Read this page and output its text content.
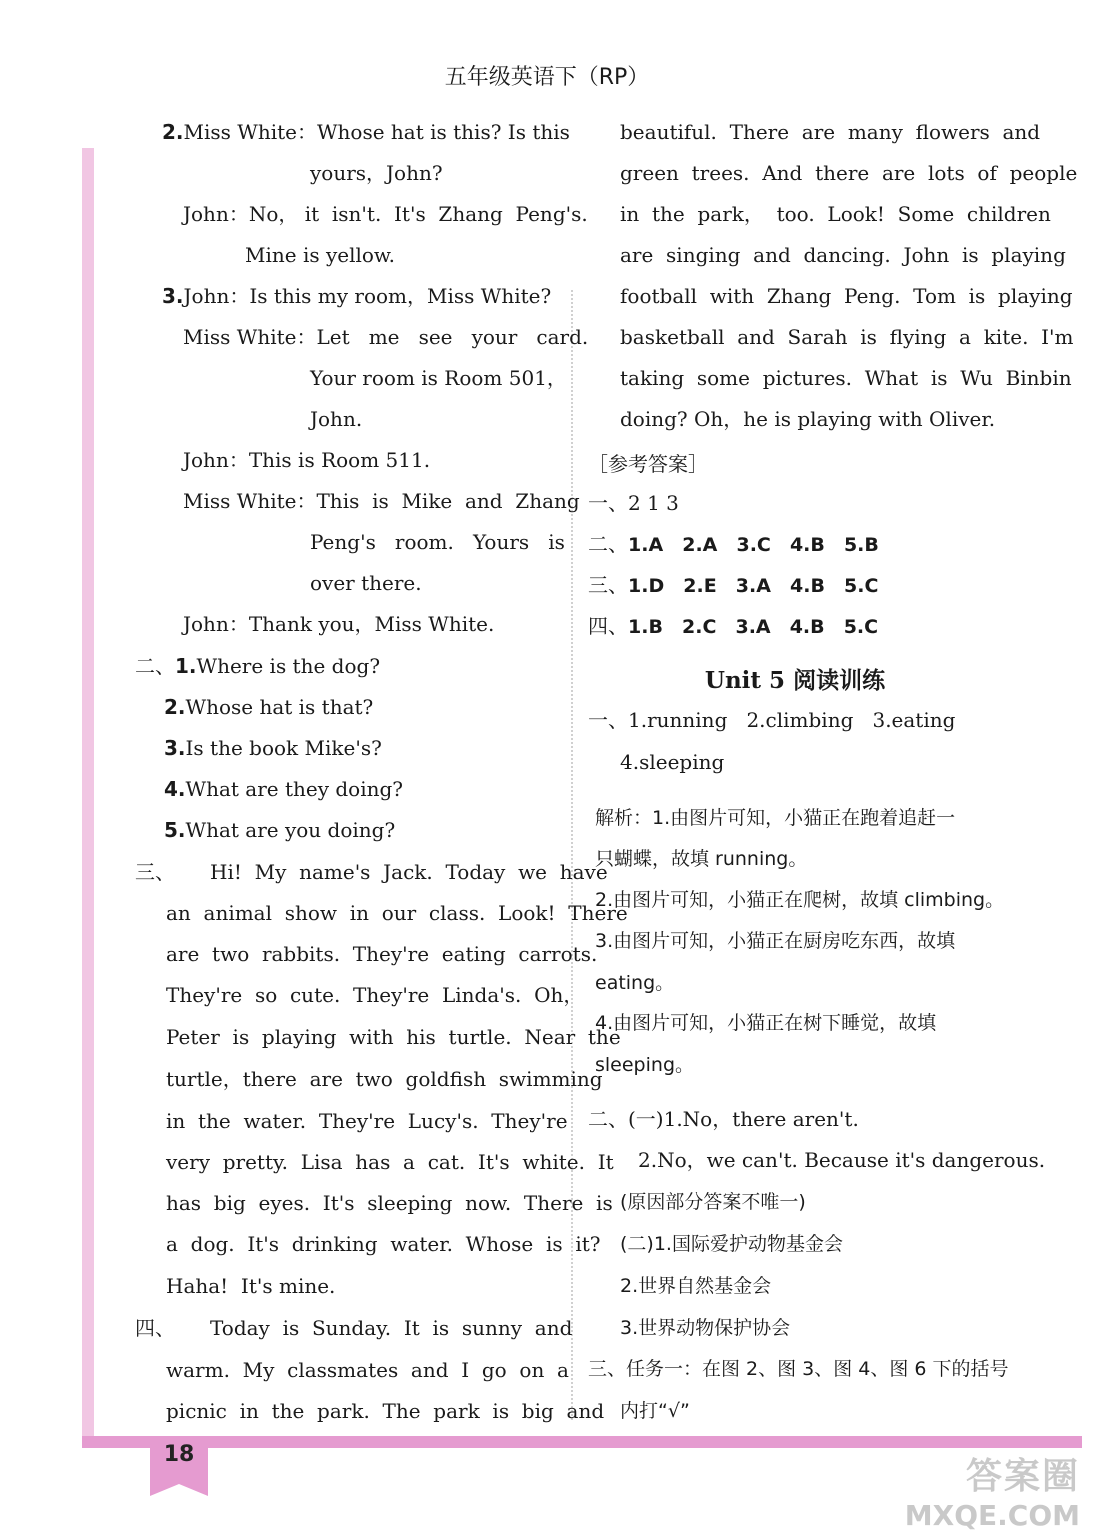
五年级英语下（RP）
2.Miss White：Whose hat is this? Is this
yours，John?
John：No， it  isn't.  It's  Zhang  Peng's.
Mine is yellow.
3.John：Is this my room，Miss White?
Miss White：Let   me   see   your   card.
Your room is Room 501，
John.
John：This is Room 511.
Miss White：This  is  Mike  and  Zhang
Peng's   room.   Yours   is
over there.
John：Thank you，Miss White.
二、1.Where is the dog?
2.Whose hat is that?
3.Is the book Mike's?
4.What are they doing?
5.What are you doing?
三、 Hi!  My  name's  Jack.  Today  we  have
an  animal  show  in  our  class.  Look!  There
are  two  rabbits.  They're  eating  carrots.
They're  so  cute.  They're  Linda's.  Oh，
Peter  is  playing  with  his  turtle.  Near  the
turtle，there  are  two  goldfish  swimming
in  the  water.  They're  Lucy's.  They're
very  pretty.  Lisa  has  a  cat.  It's  white.  It
has  big  eyes.  It's  sleeping  now.  There  is
a  dog.  It's  drinking  water.  Whose  is  it?
Haha!  It's mine.
四、 Today  is  Sunday.  It  is  sunny  and
warm.  My  classmates  and  I  go  on  a
picnic  in  the  park.  The  park  is  big  and
beautiful.  There  are  many  flowers  and
green  trees.  And  there  are  lots  of  people
in  the  park，  too.  Look!  Some  children
are  singing  and  dancing.  John  is  playing
football  with  Zhang  Peng.  Tom  is  playing
basketball  and  Sarah  is  flying  a  kite.  I'm
taking  some  pictures.  What  is  Wu  Binbin
doing? Oh，he is playing with Oliver.
［参考答案］
一、2 1 3
二、1.A 2.A 3.C 4.B 5.B
三、1.D 2.E 3.A 4.B 5.C
四、1.B 2.C 3.A 4.B 5.C
Unit 5 阅读训练
一、1.running 2.climbing 3.eating
4.sleeping
解析：1.由图片可知，小猫正在跑着追赶一
只蝴蝶，故填 running。
2.由图片可知，小猫正在爬树，故填 climbing。
3.由图片可知，小猫正在厨房吃东西，故填
eating。
4.由图片可知，小猫正在树下睡觉，故填
sleeping。
二、(一)1.No，there aren't.
2.No，we can't. Because it's dangerous.
(原因部分答案不唯一)
(二)1.国际爱护动物基金会
2.世界自然基金会
3.世界动物保护协会
三、任务一：在图 2、图 3、图 4、图 6 下的括号
内打“√”
18
答案圈
MXQE.COM
